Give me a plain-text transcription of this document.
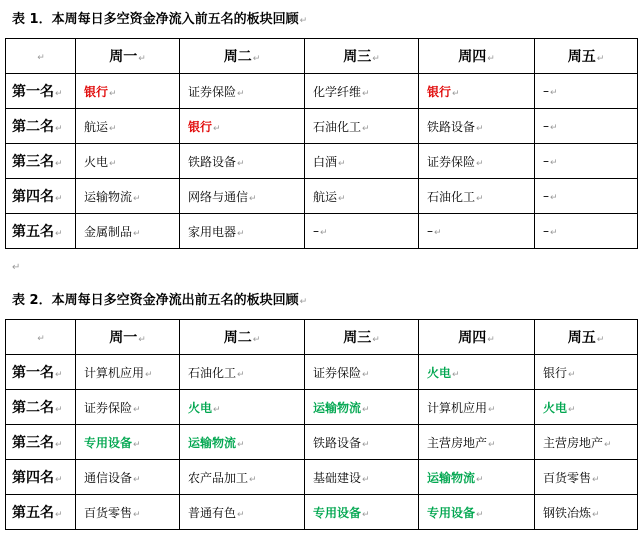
表 1．本周每日多空资金净流入前五名的板块回顾↵
↵	周一↵	周二↵	周三↵	周四↵	周五↵
第一名↵	银行↵	证券保险↵	化学纤维↵	银行↵	–↵
第二名↵	航运↵	银行↵	石油化工↵	铁路设备↵	–↵
第三名↵	火电↵	铁路设备↵	白酒↵	证券保险↵	–↵
第四名↵	运输物流↵	网络与通信↵	航运↵	石油化工↵	–↵
第五名↵	金属制品↵	家用电器↵	–↵	–↵	–↵
↵
表 2．本周每日多空资金净流出前五名的板块回顾↵
↵	周一↵	周二↵	周三↵	周四↵	周五↵
第一名↵	计算机应用↵	石油化工↵	证券保险↵	火电↵	银行↵
第二名↵	证券保险↵	火电↵	运输物流↵	计算机应用↵	火电↵
第三名↵	专用设备↵	运输物流↵	铁路设备↵	主营房地产↵	主营房地产↵
第四名↵	通信设备↵	农产品加工↵	基础建设↵	运输物流↵	百货零售↵
第五名↵	百货零售↵	普通有色↵	专用设备↵	专用设备↵	钢铁冶炼↵
